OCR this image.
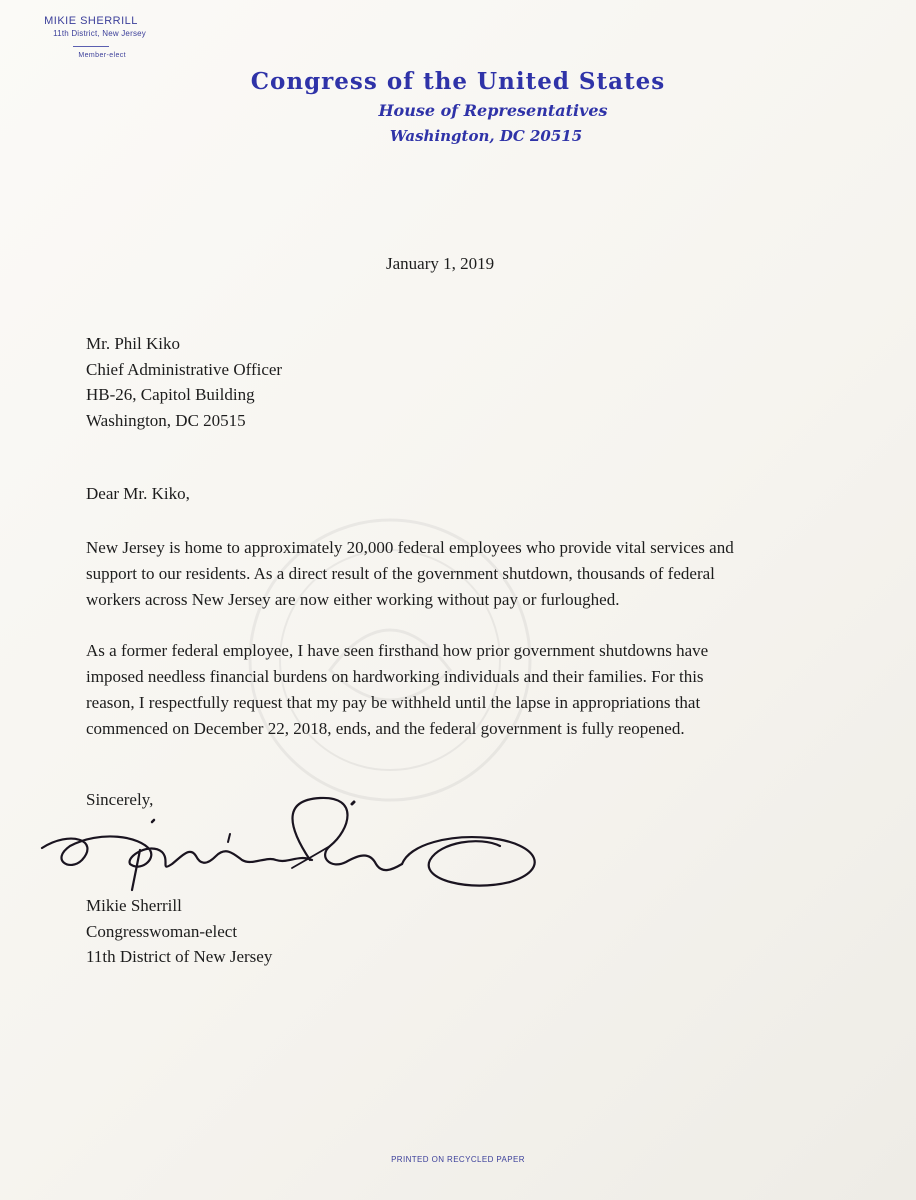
MIKIE SHERRILL
11th District, New Jersey
Member-elect
Congress of the United States
House of Representatives
Washington, DC 20515
January 1, 2019
Mr. Phil Kiko
Chief Administrative Officer
HB-26, Capitol Building
Washington, DC 20515
Dear Mr. Kiko,
New Jersey is home to approximately 20,000 federal employees who provide vital services and
support to our residents. As a direct result of the government shutdown, thousands of federal
workers across New Jersey are now either working without pay or furloughed.
As a former federal employee, I have seen firsthand how prior government shutdowns have
imposed needless financial burdens on hardworking individuals and their families. For this
reason, I respectfully request that my pay be withheld until the lapse in appropriations that
commenced on December 22, 2018, ends, and the federal government is fully reopened.
Sincerely,
Mikie Sherrill
Congresswoman-elect
11th District of New Jersey
PRINTED ON RECYCLED PAPER
